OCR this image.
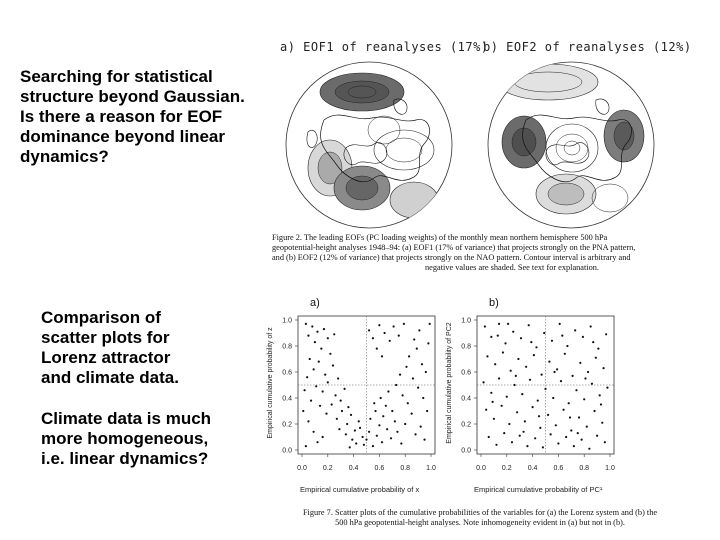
Searching for statistical
structure beyond Gaussian.
Is there a reason for EOF
dominance beyond linear
dynamics?

Comparison of
scatter plots for
Lorenz attractor
and climate data.

Climate data is much
more homogeneous,
i.e. linear dynamics?

a) EOF1 of reanalyses (17%)
b) EOF2 of reanalyses (12%)
Figure 2. The leading EOFs (PC loading weights) of the monthly mean northern hemisphere 500 hPa
geopotential-height analyses 1948–94: (a) EOF1 (17% of variance) that projects strongly on the PNA pattern,
and (b) EOF2 (12% of variance) that projects strongly on the NAO pattern. Contour interval is arbitrary and
negative values are shaded. See text for explanation.
0.0 0.2 0.4 0.6 0.8 1.0
0.0
0.2
0.4
0.6
0.8
1.0
a)
Empirical cumulative probability of z
0.0 0.2 0.4 0.6 0.8 1.0
0.0
0.2
0.4
0.6
0.8
1.0
b)
Empirical cumulative probability of PC2
Empirical cumulative probability of x	Empirical cumulative probability of PC¹
Figure 7. Scatter plots of the cumulative probabilities of the variables for (a) the Lorenz system and (b) the
500 hPa geopotential-height analyses. Note inhomogeneity evident in (a) but not in (b).
